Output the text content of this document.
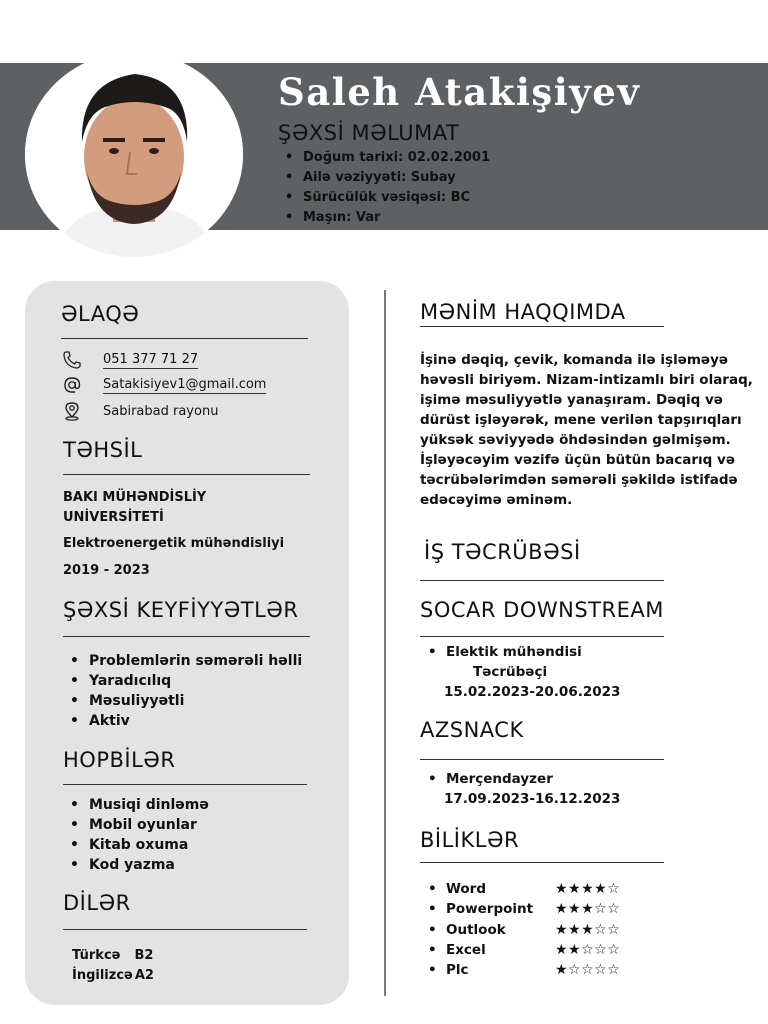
Saleh Atakişiyev
ŞƏXSİ MƏLUMAT
• Doğum tarixi: 02.02.2001
• Ailə vəziyyəti: Subay
• Sürücülük vəsiqəsi: BC
• Maşın: Var
ƏLAQƏ
051 377 71 27
Satakisiyev1@gmail.com
Sabirabad rayonu
TƏHSİL
BAKI MÜHƏNDİSLİY
UNİVERSİTETİ
Elektroenergetik mühəndisliyi
2019 - 2023
ŞƏXSİ KEYFİYYƏTLƏR
• Problemlərin səmərəli həlli
• Yaradıcılıq
• Məsuliyyətli
• Aktiv
HOPBİLƏR
• Musiqi dinləmə
• Mobil oyunlar
• Kitab oxuma
• Kod yazma
DİLƏR
Türkcə B2
İngilizcə A2
MƏNİM HAQQIMDA
İşinə dəqiq, çevik, komanda ilə işləməyə həvəsli biriyəm. Nizam-intizamlı biri olaraq, işimə məsuliyyətlə yanaşıram. Dəqiq və dürüst işləyərək, mene verilən tapşırıqları yüksək səviyyədə öhdəsindən gəlmişəm. İşləyəcəyim vəzifə üçün bütün bacarıq və təcrübələrimdən səmərəli şəkildə istifadə edəcəyimə əminəm.
İŞ TƏCRÜBƏSİ
SOCAR DOWNSTREAM
• Elektik mühəndisi
Təcrübəçi
15.02.2023-20.06.2023
AZSNACK
• Merçendayzer
17.09.2023-16.12.2023
BİLİKLƏR
• Word	★★★★☆
• Powerpoint	★★★☆☆
• Outlook	★★★☆☆
• Excel	★★☆☆☆
• Plc	★☆☆☆☆
